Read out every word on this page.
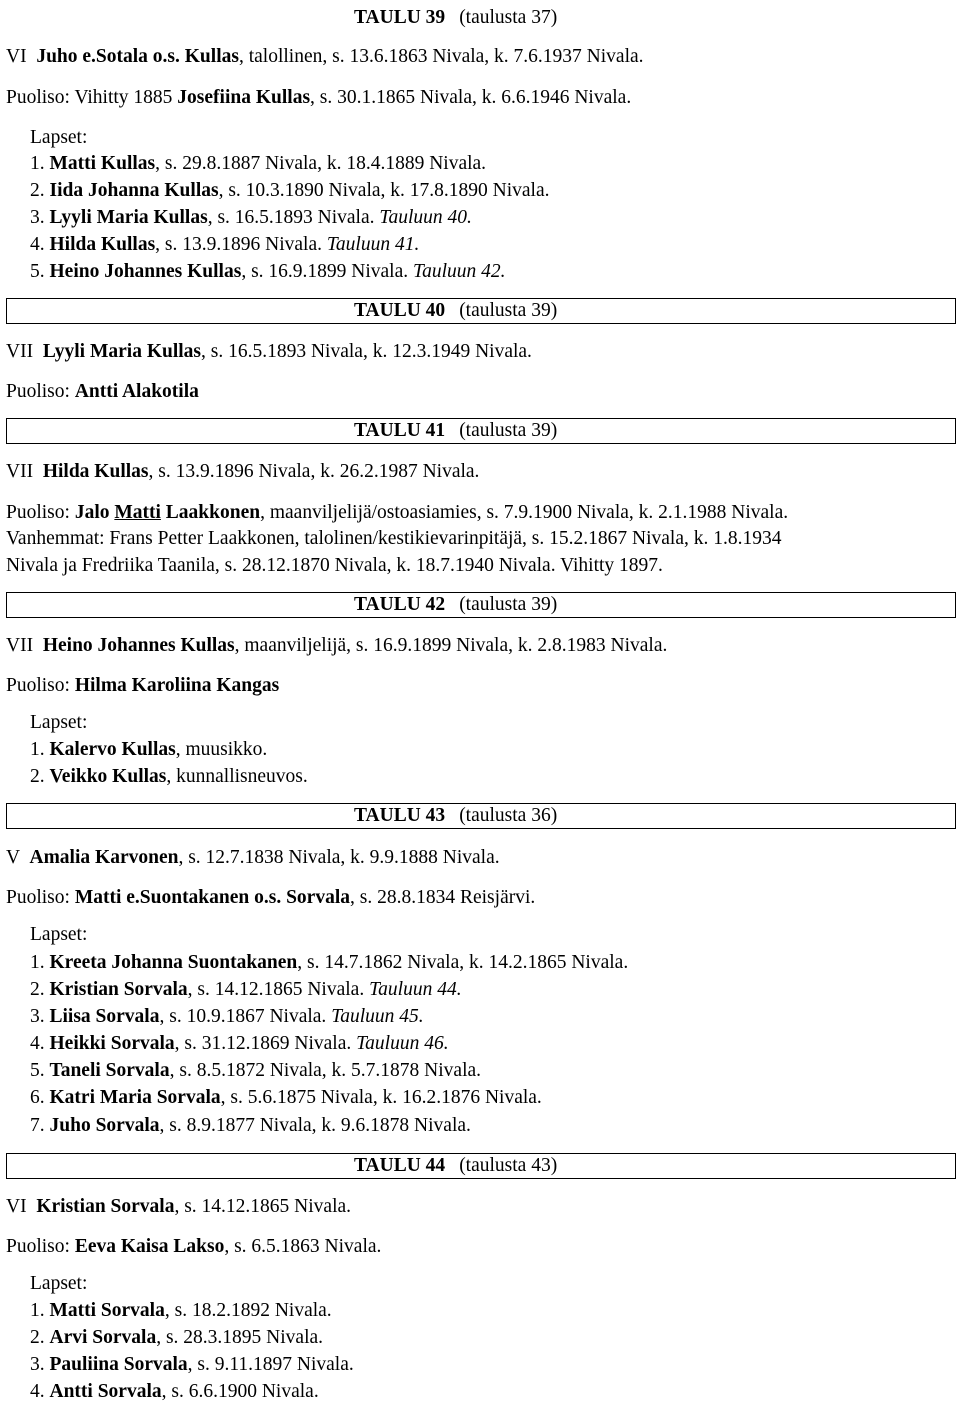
TAULU 39 (taulusta 37)
TAULU 40 (taulusta 39)
TAULU 41 (taulusta 39)
TAULU 42 (taulusta 39)
TAULU 43 (taulusta 36)
TAULU 44 (taulusta 43)
VI  Juho e.Sotala o.s. Kullas, talollinen, s. 13.6.1863 Nivala, k. 7.6.1937 Nivala.
Puoliso: Vihitty 1885 Josefiina Kullas, s. 30.1.1865 Nivala, k. 6.6.1946 Nivala.
Lapset:
1. Matti Kullas, s. 29.8.1887 Nivala, k. 18.4.1889 Nivala.
2. Iida Johanna Kullas, s. 10.3.1890 Nivala, k. 17.8.1890 Nivala.
3. Lyyli Maria Kullas, s. 16.5.1893 Nivala. Tauluun 40.
4. Hilda Kullas, s. 13.9.1896 Nivala. Tauluun 41.
5. Heino Johannes Kullas, s. 16.9.1899 Nivala. Tauluun 42.
VII  Lyyli Maria Kullas, s. 16.5.1893 Nivala, k. 12.3.1949 Nivala.
Puoliso: Antti Alakotila
VII  Hilda Kullas, s. 13.9.1896 Nivala, k. 26.2.1987 Nivala.
Puoliso: Jalo Matti Laakkonen, maanviljelijä/ostoasiamies, s. 7.9.1900 Nivala, k. 2.1.1988 Nivala.
Vanhemmat: Frans Petter Laakkonen, talolinen/kestikievarinpitäjä, s. 15.2.1867 Nivala, k. 1.8.1934
Nivala ja Fredriika Taanila, s. 28.12.1870 Nivala, k. 18.7.1940 Nivala. Vihitty 1897.
VII  Heino Johannes Kullas, maanviljelijä, s. 16.9.1899 Nivala, k. 2.8.1983 Nivala.
Puoliso: Hilma Karoliina Kangas
Lapset:
1. Kalervo Kullas, muusikko.
2. Veikko Kullas, kunnallisneuvos.
V  Amalia Karvonen, s. 12.7.1838 Nivala, k. 9.9.1888 Nivala.
Puoliso: Matti e.Suontakanen o.s. Sorvala, s. 28.8.1834 Reisjärvi.
Lapset:
1. Kreeta Johanna Suontakanen, s. 14.7.1862 Nivala, k. 14.2.1865 Nivala.
2. Kristian Sorvala, s. 14.12.1865 Nivala. Tauluun 44.
3. Liisa Sorvala, s. 10.9.1867 Nivala. Tauluun 45.
4. Heikki Sorvala, s. 31.12.1869 Nivala. Tauluun 46.
5. Taneli Sorvala, s. 8.5.1872 Nivala, k. 5.7.1878 Nivala.
6. Katri Maria Sorvala, s. 5.6.1875 Nivala, k. 16.2.1876 Nivala.
7. Juho Sorvala, s. 8.9.1877 Nivala, k. 9.6.1878 Nivala.
VI  Kristian Sorvala, s. 14.12.1865 Nivala.
Puoliso: Eeva Kaisa Lakso, s. 6.5.1863 Nivala.
Lapset:
1. Matti Sorvala, s. 18.2.1892 Nivala.
2. Arvi Sorvala, s. 28.3.1895 Nivala.
3. Pauliina Sorvala, s. 9.11.1897 Nivala.
4. Antti Sorvala, s. 6.6.1900 Nivala.
